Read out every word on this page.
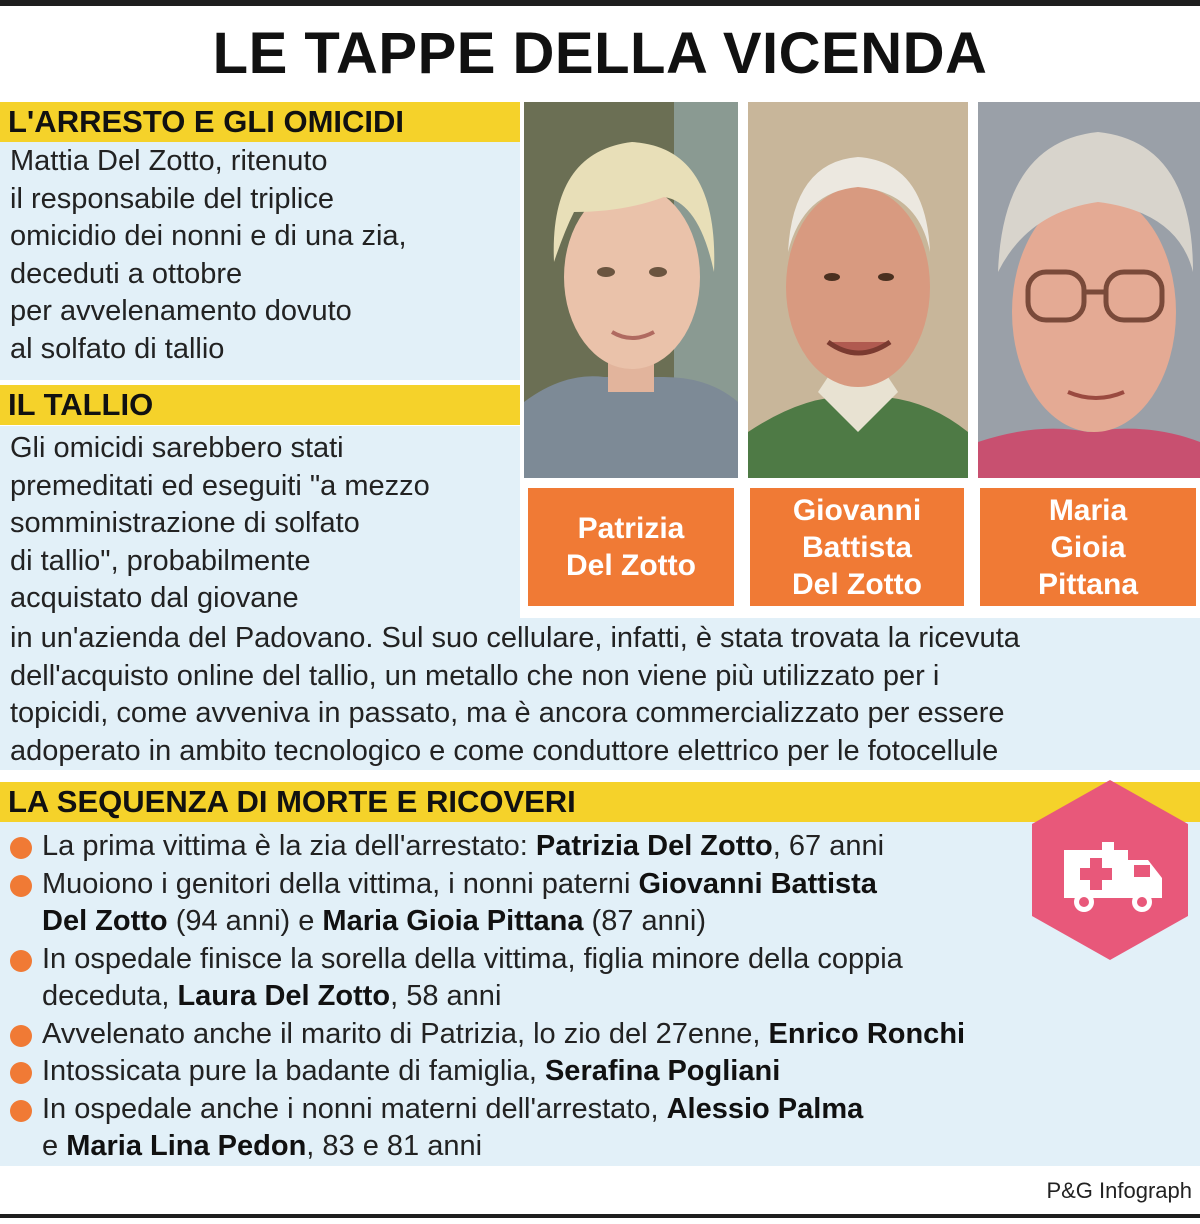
LE TAPPE DELLA VICENDA
L'ARRESTO E GLI OMICIDI
Mattia Del Zotto, ritenuto
il responsabile del triplice
omicidio dei nonni e di una zia,
deceduti a ottobre
per avvelenamento dovuto
al solfato di tallio
IL TALLIO
Gli omicidi sarebbero stati
premeditati ed eseguiti "a mezzo
somministrazione di solfato
di tallio", probabilmente
acquistato dal giovane
in un'azienda del Padovano. Sul suo cellulare, infatti, è stata trovata la ricevuta
dell'acquisto online del tallio, un metallo che non viene più utilizzato per i
topicidi, come avveniva in passato, ma è ancora commercializzato per essere
adoperato in ambito tecnologico e come conduttore elettrico per le fotocellule
Patrizia
Del Zotto
Giovanni
Battista
Del Zotto
Maria
Gioia
Pittana
LA SEQUENZA DI MORTE E RICOVERI
La prima vittima è la zia dell'arrestato: Patrizia Del Zotto, 67 anni
Muoiono i genitori della vittima, i nonni paterni Giovanni Battista
Del Zotto (94 anni) e Maria Gioia Pittana (87 anni)
In ospedale finisce la sorella della vittima, figlia minore della coppia
deceduta, Laura Del Zotto, 58 anni
Avvelenato anche il marito di Patrizia, lo zio del 27enne, Enrico Ronchi
Intossicata pure la badante di famiglia, Serafina Pogliani
In ospedale anche i nonni materni dell'arrestato, Alessio Palma
e Maria Lina Pedon, 83 e 81 anni
P&G Infograph
